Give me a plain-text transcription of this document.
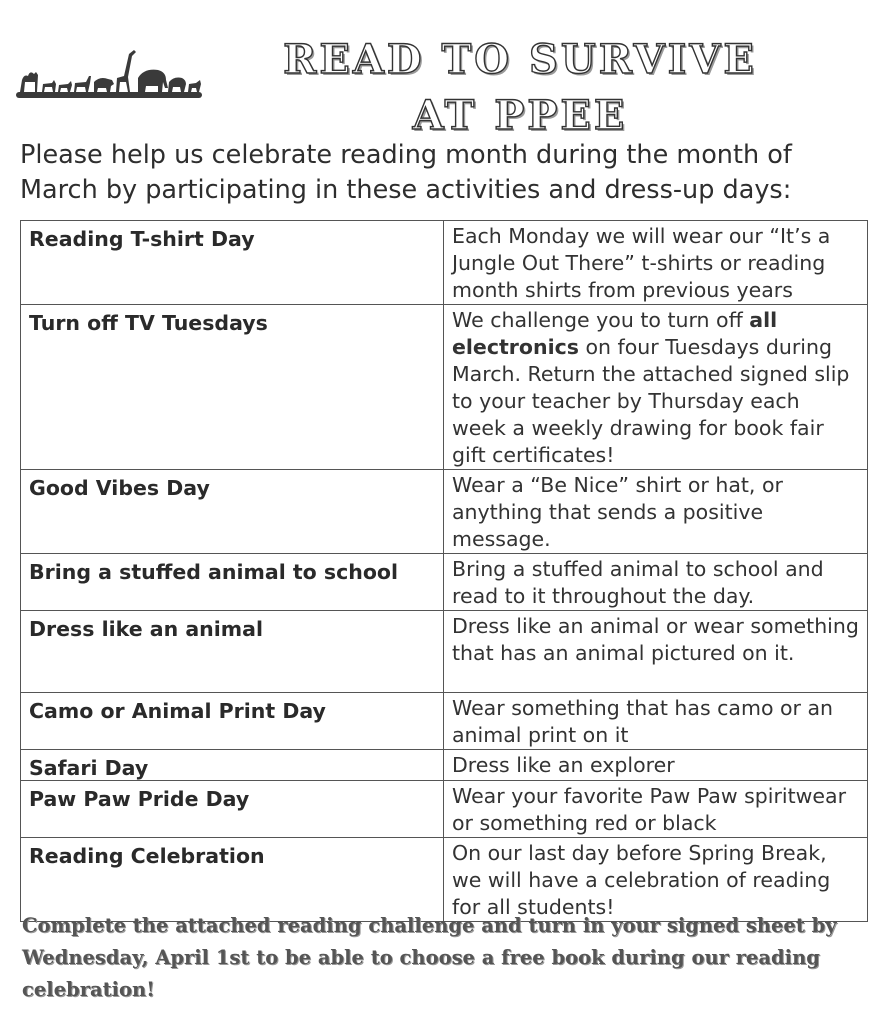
READ TO SURVIVE
AT PPEE

Please help us celebrate reading month during the month of March by participating in these activities and dress-up days:

Reading T-shirt Day	Each Monday we will wear our “It’s a Jungle Out There” t-shirts or reading month shirts from previous years
Turn off TV Tuesdays	We challenge you to turn off all electronics on four Tuesdays during March. Return the attached signed slip to your teacher by Thursday each week a weekly drawing for book fair gift certificates!
Good Vibes Day	Wear a “Be Nice” shirt or hat, or anything that sends a positive message.
Bring a stuffed animal to school	Bring a stuffed animal to school and read to it throughout the day.
Dress like an animal	Dress like an animal or wear something that has an animal pictured on it.
Camo or Animal Print Day	Wear something that has camo or an animal print on it
Safari Day	Dress like an explorer
Paw Paw Pride Day	Wear your favorite Paw Paw spiritwear or something red or black
Reading Celebration	On our last day before Spring Break, we will have a celebration of reading for all students!

Complete the attached reading challenge and turn in your signed sheet by Wednesday, April 1st to be able to choose a free book during our reading celebration!
